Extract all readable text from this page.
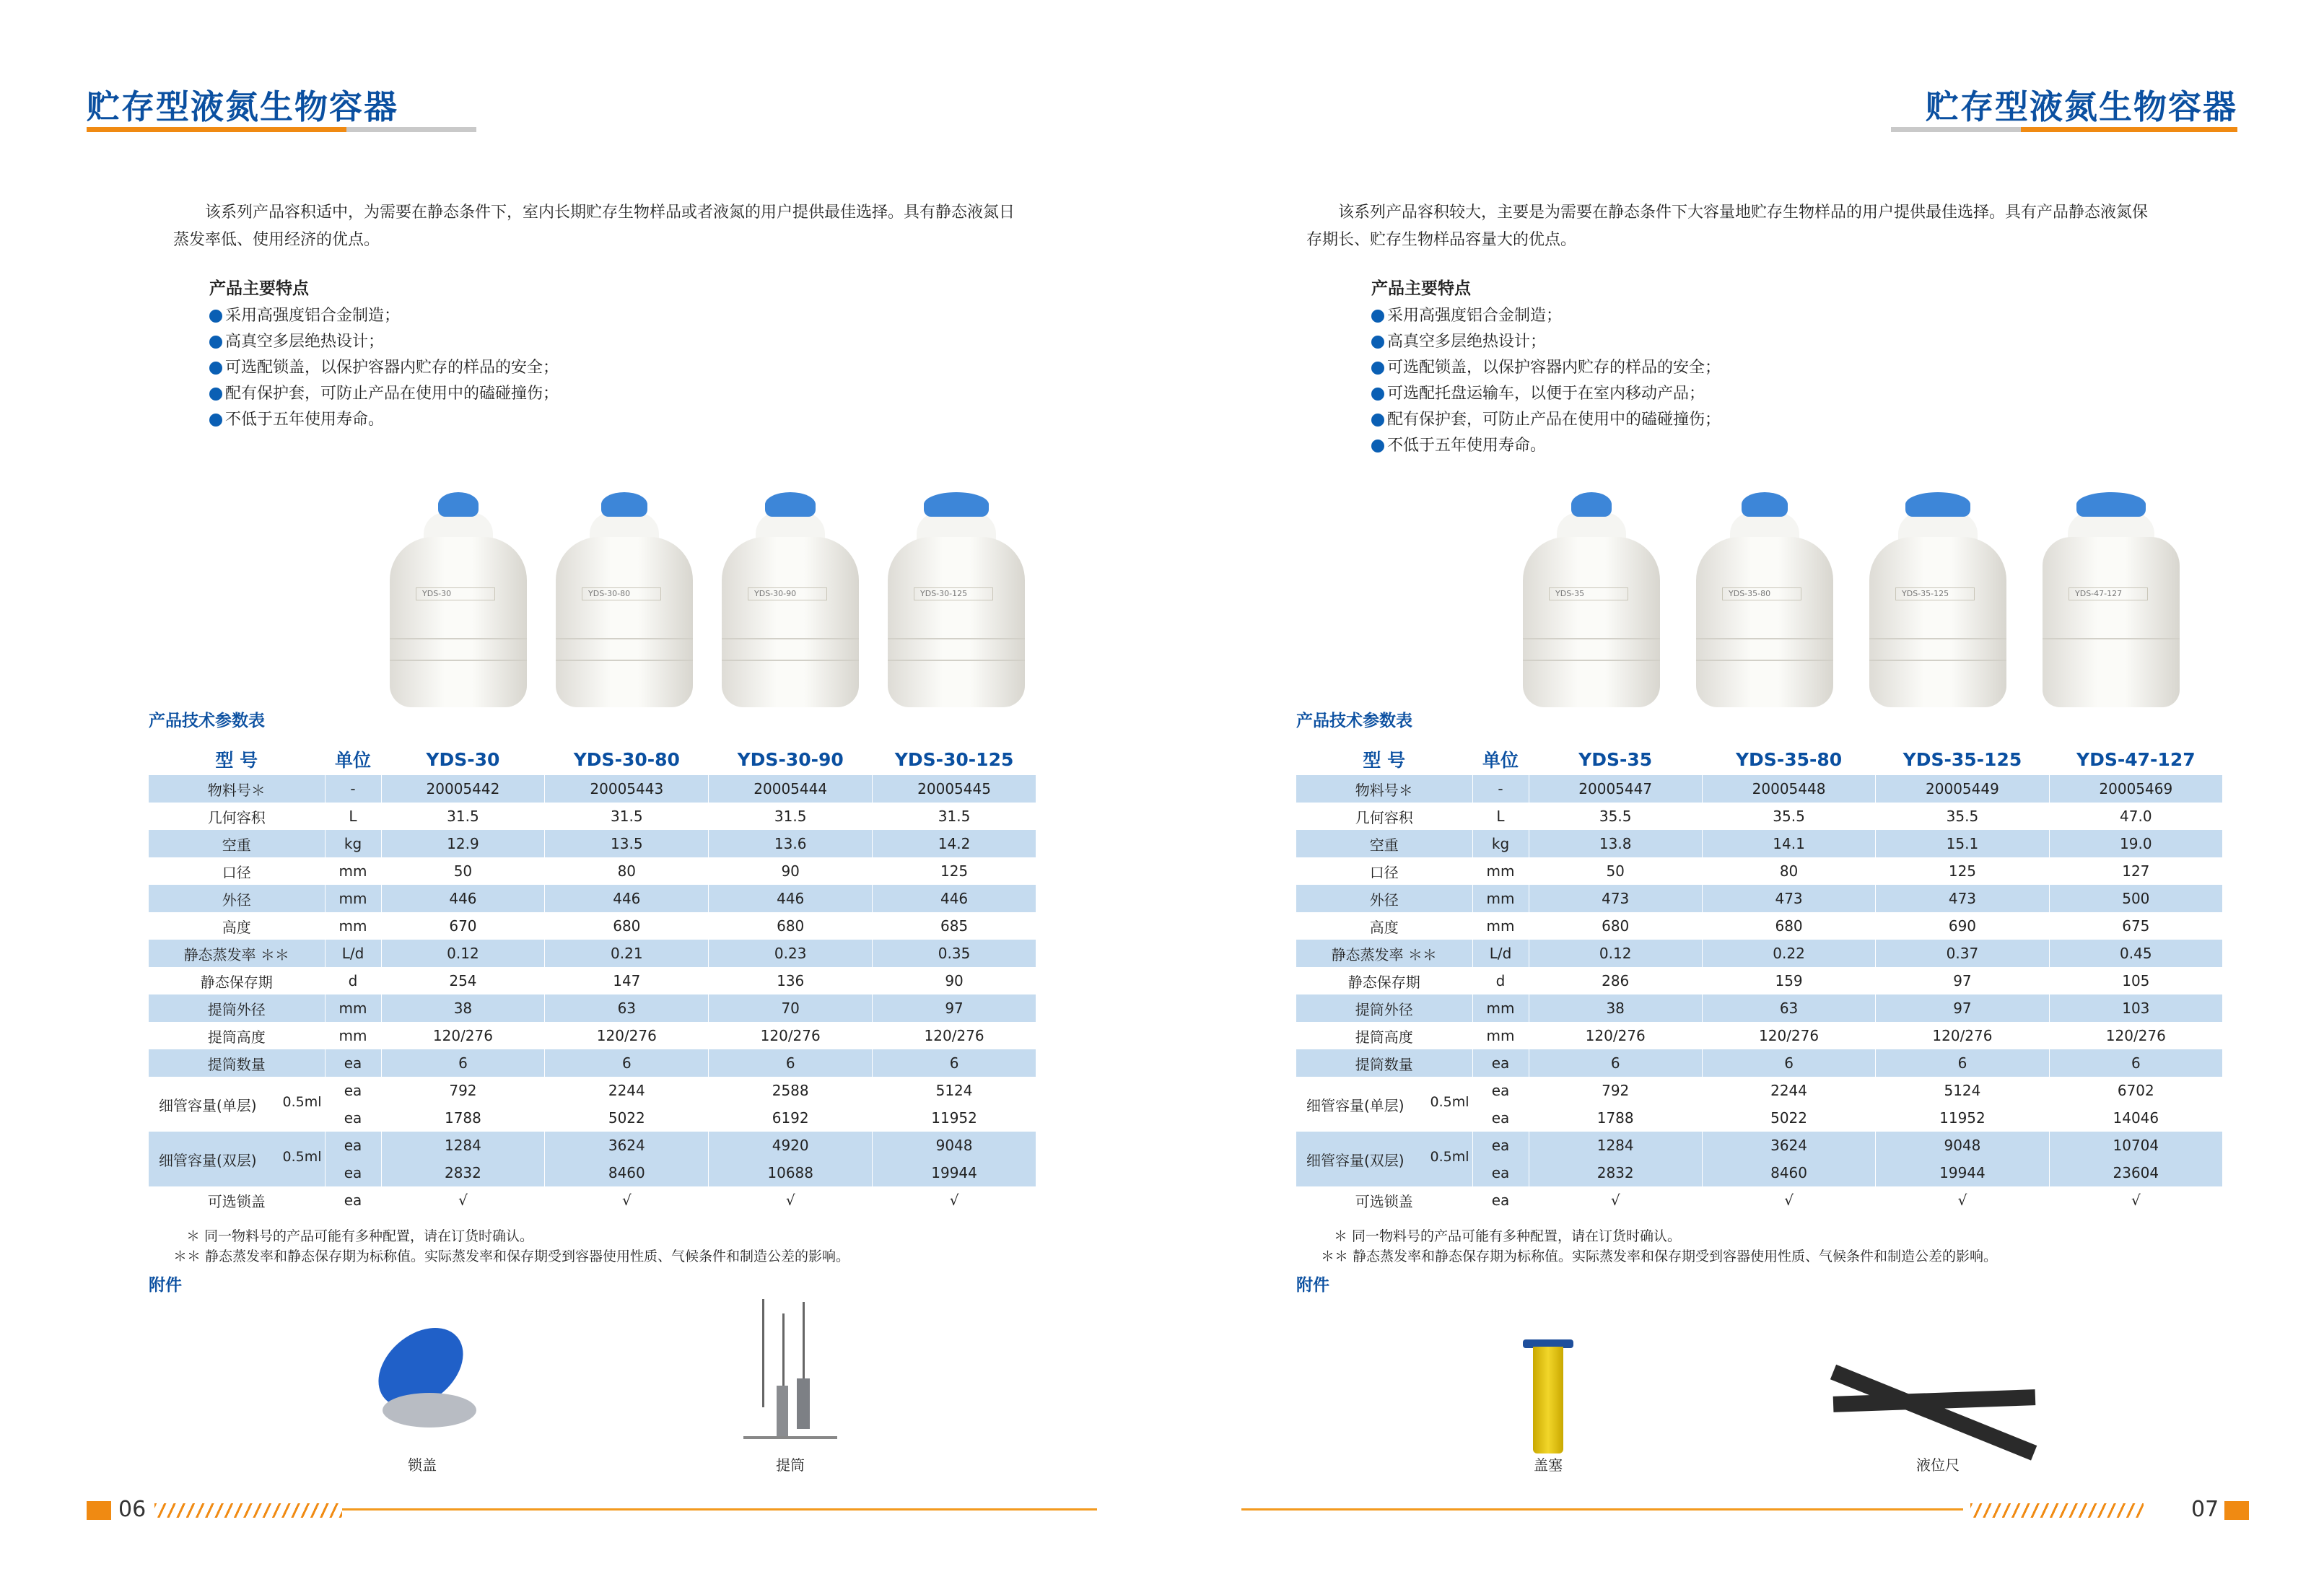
贮存型液氮生物容器
该系列产品容积适中，为需要在静态条件下，室内长期贮存生物样品或者液氮的用户提供最佳选择。具有静态液氮日蒸发率低、使用经济的优点。
产品主要特点
采用高强度铝合金制造；
高真空多层绝热设计；
可选配锁盖，以保护容器内贮存的样品的安全；
配有保护套，可防止产品在使用中的磕碰撞伤；
不低于五年使用寿命。
YDS-30	YDS-30-80	YDS-30-90	YDS-30-125
产品技术参数表
型 号	单位	YDS-30	YDS-30-80	YDS-30-90	YDS-30-125
物料号＊	-	20005442	20005443	20005444	20005445
几何容积	L	31.5	31.5	31.5	31.5
空重	kg	12.9	13.5	13.6	14.2
口径	mm	50	80	90	125
外径	mm	446	446	446	446
高度	mm	670	680	680	685
静态蒸发率 ＊＊	L/d	0.12	0.21	0.23	0.35
静态保存期	d	254	147	136	90
提筒外径	mm	38	63	70	97
提筒高度	mm	120/276	120/276	120/276	120/276
提筒数量	ea	6	6	6	6
细管容量(单层) 0.5ml	ea	792	2244	2588	5124
	ea	1788	5022	6192	11952
细管容量(双层) 0.5ml	ea	1284	3624	4920	9048
	ea	2832	8460	10688	19944
可选锁盖	ea	√	√	√	√
＊ 同一物料号的产品可能有多种配置，请在订货时确认。
＊＊ 静态蒸发率和静态保存期为标称值。实际蒸发率和保存期受到容器使用性质、气候条件和制造公差的影响。
附件
锁盖	提筒
06
贮存型液氮生物容器
该系列产品容积较大，主要是为需要在静态条件下大容量地贮存生物样品的用户提供最佳选择。具有产品静态液氮保存期长、贮存生物样品容量大的优点。
产品主要特点
采用高强度铝合金制造；
高真空多层绝热设计；
可选配锁盖，以保护容器内贮存的样品的安全；
可选配托盘运输车，以便于在室内移动产品；
配有保护套，可防止产品在使用中的磕碰撞伤；
不低于五年使用寿命。
YDS-35	YDS-35-80	YDS-35-125	YDS-47-127
产品技术参数表
型 号	单位	YDS-35	YDS-35-80	YDS-35-125	YDS-47-127
物料号＊	-	20005447	20005448	20005449	20005469
几何容积	L	35.5	35.5	35.5	47.0
空重	kg	13.8	14.1	15.1	19.0
口径	mm	50	80	125	127
外径	mm	473	473	473	500
高度	mm	680	680	690	675
静态蒸发率 ＊＊	L/d	0.12	0.22	0.37	0.45
静态保存期	d	286	159	97	105
提筒外径	mm	38	63	97	103
提筒高度	mm	120/276	120/276	120/276	120/276
提筒数量	ea	6	6	6	6
细管容量(单层) 0.5ml	ea	792	2244	5124	6702
	ea	1788	5022	11952	14046
细管容量(双层) 0.5ml	ea	1284	3624	9048	10704
	ea	2832	8460	19944	23604
可选锁盖	ea	√	√	√	√
＊ 同一物料号的产品可能有多种配置，请在订货时确认。
＊＊ 静态蒸发率和静态保存期为标称值。实际蒸发率和保存期受到容器使用性质、气候条件和制造公差的影响。
附件
盖塞	液位尺
07
